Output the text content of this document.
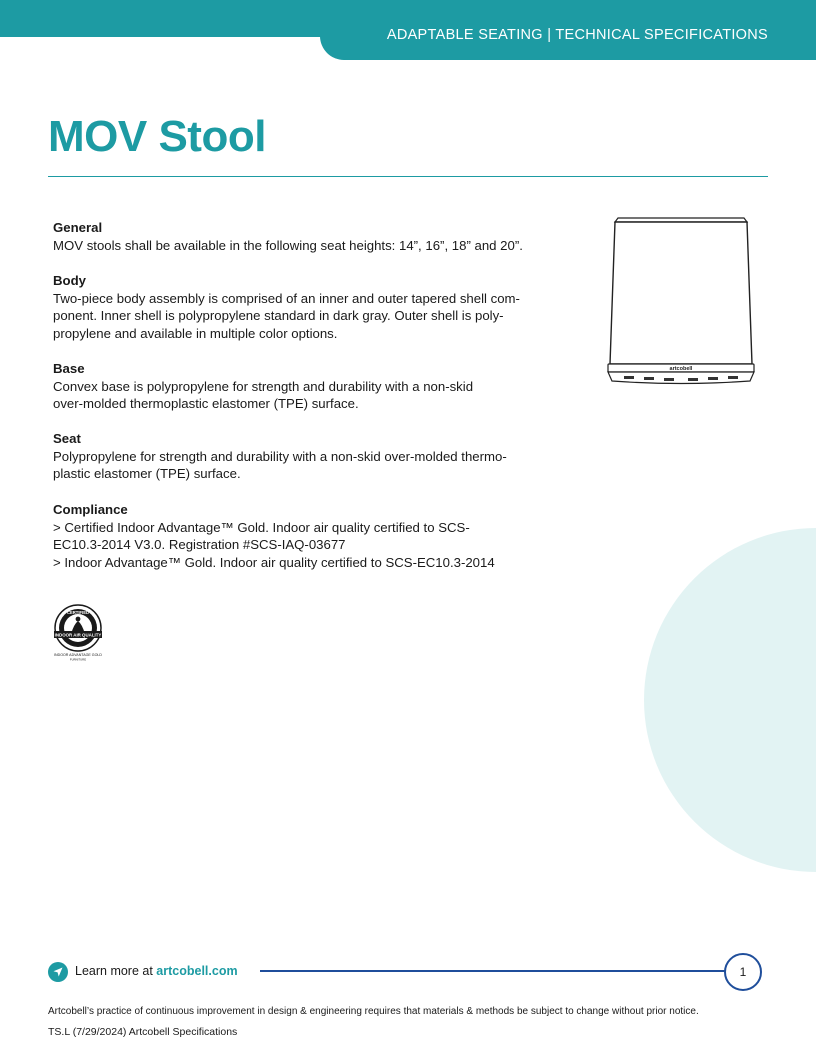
ADAPTABLE SEATING | TECHNICAL SPECIFICATIONS
MOV Stool
General

MOV stools shall be available in the following seat heights: 14”, 16”, 18” and 20”.

Body

Two-piece body assembly is comprised of an inner and outer tapered shell com-

ponent. Inner shell is polypropylene standard in dark gray. Outer shell is poly-

propylene and available in multiple color options.

Base

Convex base is polypropylene for strength and durability with a non-skid

over-molded thermoplastic elastomer (TPE) surface.

Seat

Polypropylene for strength and durability with a non-skid over-molded thermo-

plastic elastomer (TPE) surface.

Compliance

> Certified Indoor Advantage™ Gold. Indoor air quality certified to SCS-

EC10.3-2014 V3.0. Registration #SCS-IAQ-03677

> Indoor Advantage™ Gold. Indoor air quality certified to SCS-EC10.3-2014

artcobell
CERTIFIED
INDOOR AIR QUALITY
INDOOR ADVANTAGE GOLD
FURNITURE
Learn more at artcobell.com	1
Artcobell’s practice of continuous improvement in design & engineering requires that materials & methods be subject to change without prior notice.
TS.L (7/29/2024) Artcobell Specifications
